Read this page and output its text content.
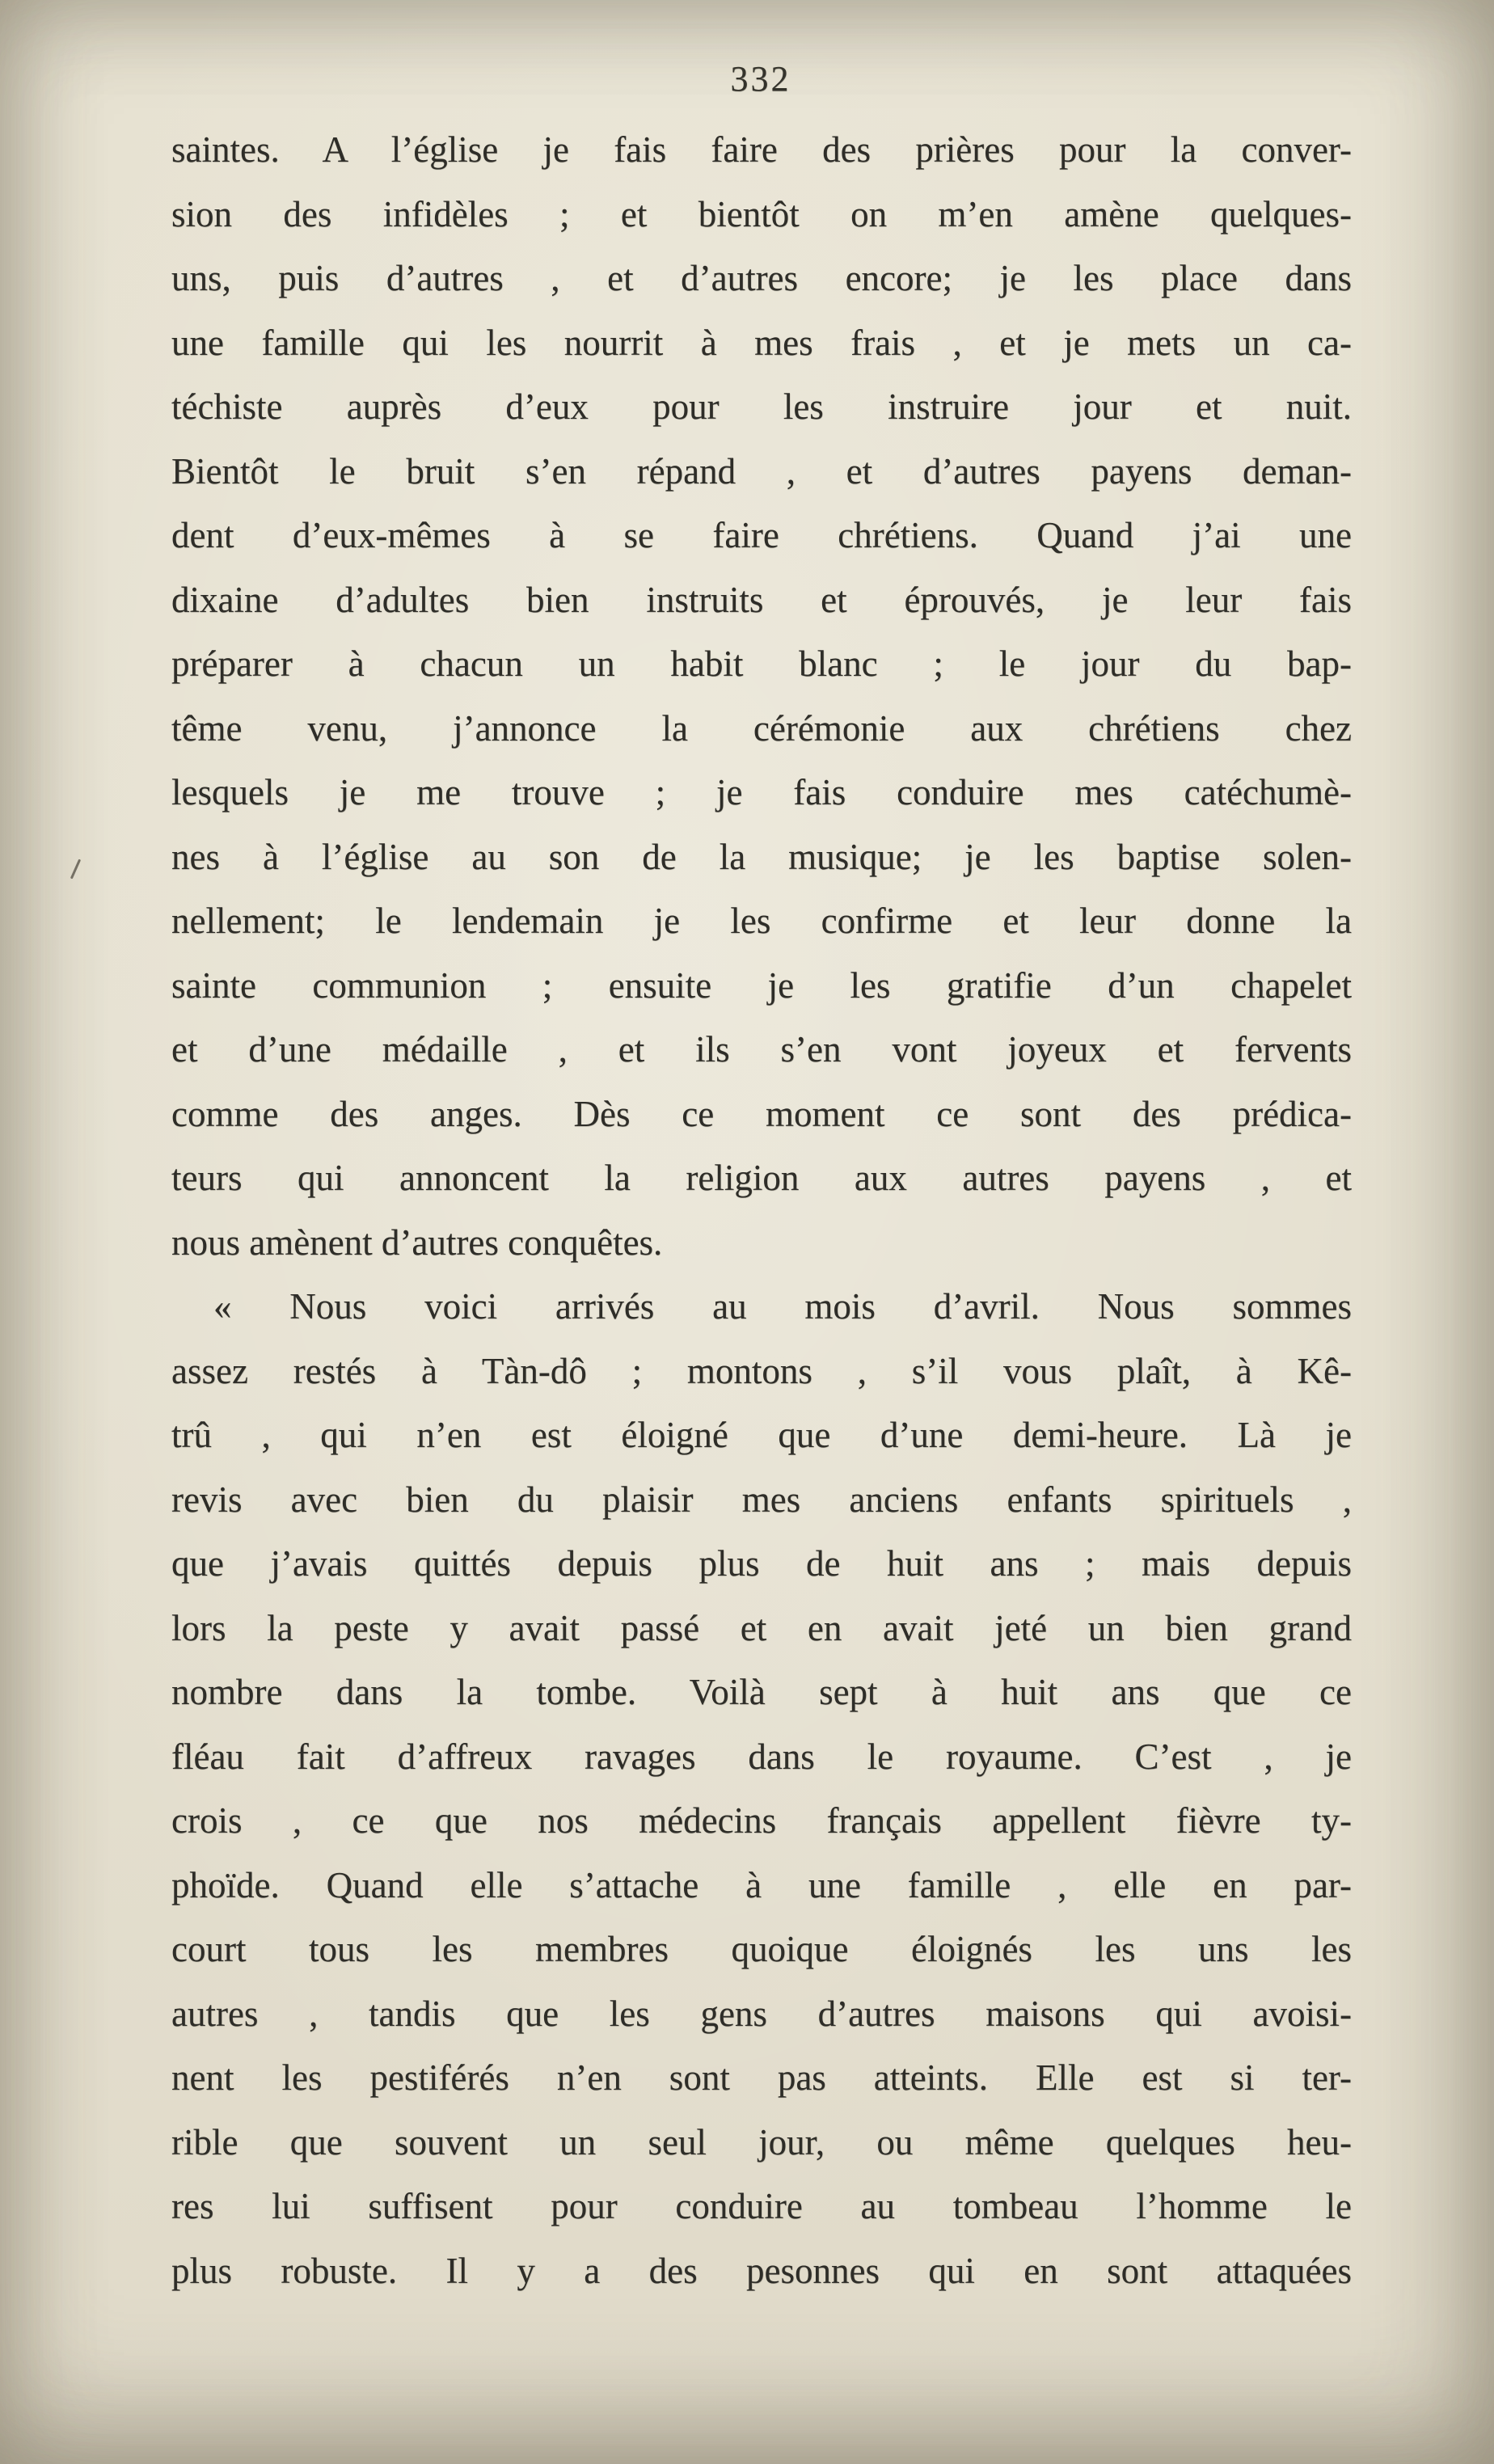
332
saintes. A l’église je fais faire des prières pour la conver-
sion des infidèles ; et bientôt on m’en amène quelques-
uns, puis d’autres , et d’autres encore; je les place dans
une famille qui les nourrit à mes frais , et je mets un ca-
téchiste auprès d’eux pour les instruire jour et nuit.
Bientôt le bruit s’en répand , et d’autres payens deman-
dent d’eux-mêmes à se faire chrétiens. Quand j’ai une
dixaine d’adultes bien instruits et éprouvés, je leur fais
préparer à chacun un habit blanc ; le jour du bap-
tême venu, j’annonce la cérémonie aux chrétiens chez
lesquels je me trouve ; je fais conduire mes catéchumè-
nes à l’église au son de la musique; je les baptise solen-
nellement; le lendemain je les confirme et leur donne la
sainte communion ; ensuite je les gratifie d’un chapelet
et d’une médaille , et ils s’en vont joyeux et fervents
comme des anges. Dès ce moment ce sont des prédica-
teurs qui annoncent la religion aux autres payens , et
nous amènent d’autres conquêtes.
« Nous voici arrivés au mois d’avril. Nous sommes
assez restés à Tàn-dô ; montons , s’il vous plaît, à Kê-
trû , qui n’en est éloigné que d’une demi-heure. Là je
revis avec bien du plaisir mes anciens enfants spirituels ,
que j’avais quittés depuis plus de huit ans ; mais depuis
lors la peste y avait passé et en avait jeté un bien grand
nombre dans la tombe. Voilà sept à huit ans que ce
fléau fait d’affreux ravages dans le royaume. C’est , je
crois , ce que nos médecins français appellent fièvre ty-
phoïde. Quand elle s’attache à une famille , elle en par-
court tous les membres quoique éloignés les uns les
autres , tandis que les gens d’autres maisons qui avoisi-
nent les pestiférés n’en sont pas atteints. Elle est si ter-
rible que souvent un seul jour, ou même quelques heu-
res lui suffisent pour conduire au tombeau l’homme le
plus robuste. Il y a des pesonnes qui en sont attaquées
